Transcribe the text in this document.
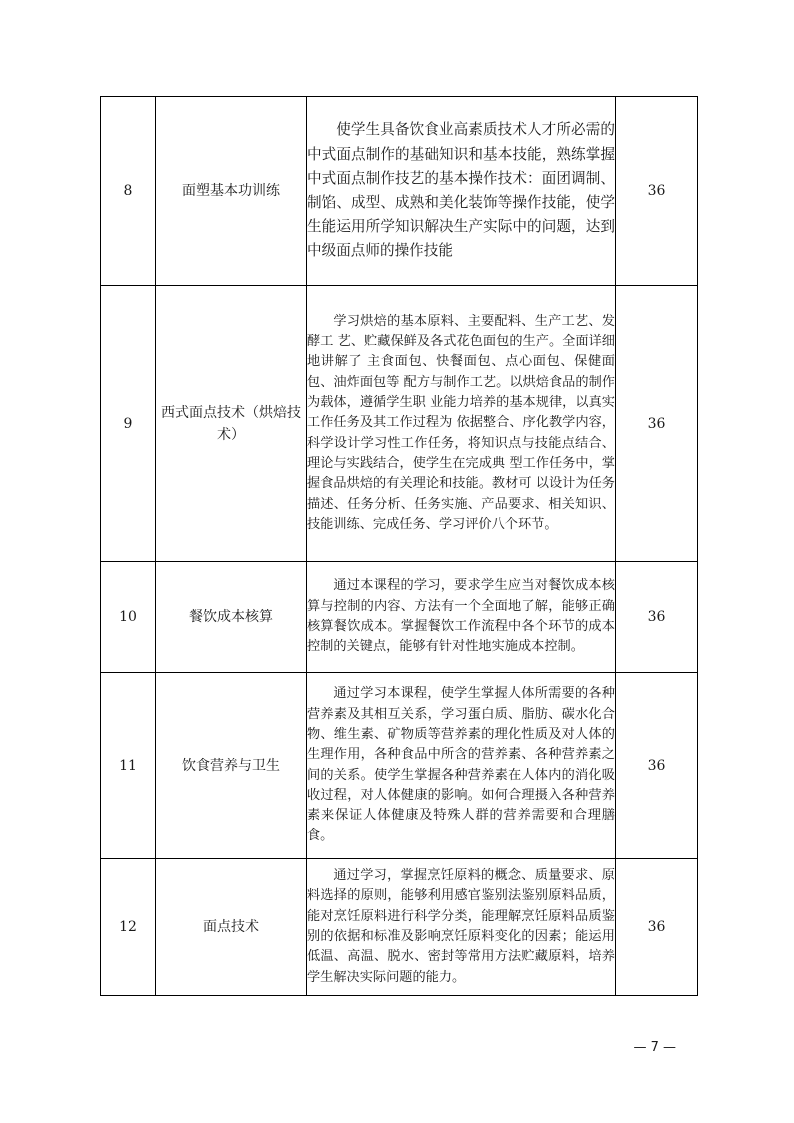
8	面塑基本功训练	使学生具备饮食业高素质技术人才所必需的中式面点制作的基础知识和基本技能，熟练掌握中式面点制作技艺的基本操作技术：面团调制、制馅、成型、成熟和美化装饰等操作技能，使学生能运用所学知识解决生产实际中的问题，达到中级面点师的操作技能	36
9	西式面点技术（烘焙技术）	学习烘焙的基本原料、主要配料、生产工艺、发酵工 艺、贮藏保鲜及各式花色面包的生产。全面详细地讲解了 主食面包、快餐面包、点心面包、保健面包、油炸面包等 配方与制作工艺。以烘焙食品的制作为载体，遵循学生职 业能力培养的基本规律，以真实工作任务及其工作过程为 依据整合、序化教学内容，科学设计学习性工作任务，将知识点与技能点结合、理论与实践结合，使学生在完成典 型工作任务中，掌握食品烘焙的有关理论和技能。教材可 以设计为任务描述、任务分析、任务实施、产品要求、相关知识、技能训练、完成任务、学习评价八个环节。	36
10	餐饮成本核算	通过本课程的学习，要求学生应当对餐饮成本核算与控制的内容、方法有一个全面地了解，能够正确核算餐饮成本。掌握餐饮工作流程中各个环节的成本控制的关键点，能够有针对性地实施成本控制。	36
11	饮食营养与卫生	通过学习本课程，使学生掌握人体所需要的各种营养素及其相互关系，学习蛋白质、脂肪、碳水化合物、维生素、矿物质等营养素的理化性质及对人体的生理作用，各种食品中所含的营养素、各种营养素之间的关系。使学生掌握各种营养素在人体内的消化吸收过程，对人体健康的影响。如何合理摄入各种营养素来保证人体健康及特殊人群的营养需要和合理膳食。	36
12	面点技术	通过学习，掌握烹饪原料的概念、质量要求、原料选择的原则，能够利用感官鉴别法鉴别原料品质，能对烹饪原料进行科学分类，能理解烹饪原料品质鉴别的依据和标准及影响烹饪原料变化的因素；能运用低温、高温、脱水、密封等常用方法贮藏原料，培养学生解决实际问题的能力。	36
— 7 —
